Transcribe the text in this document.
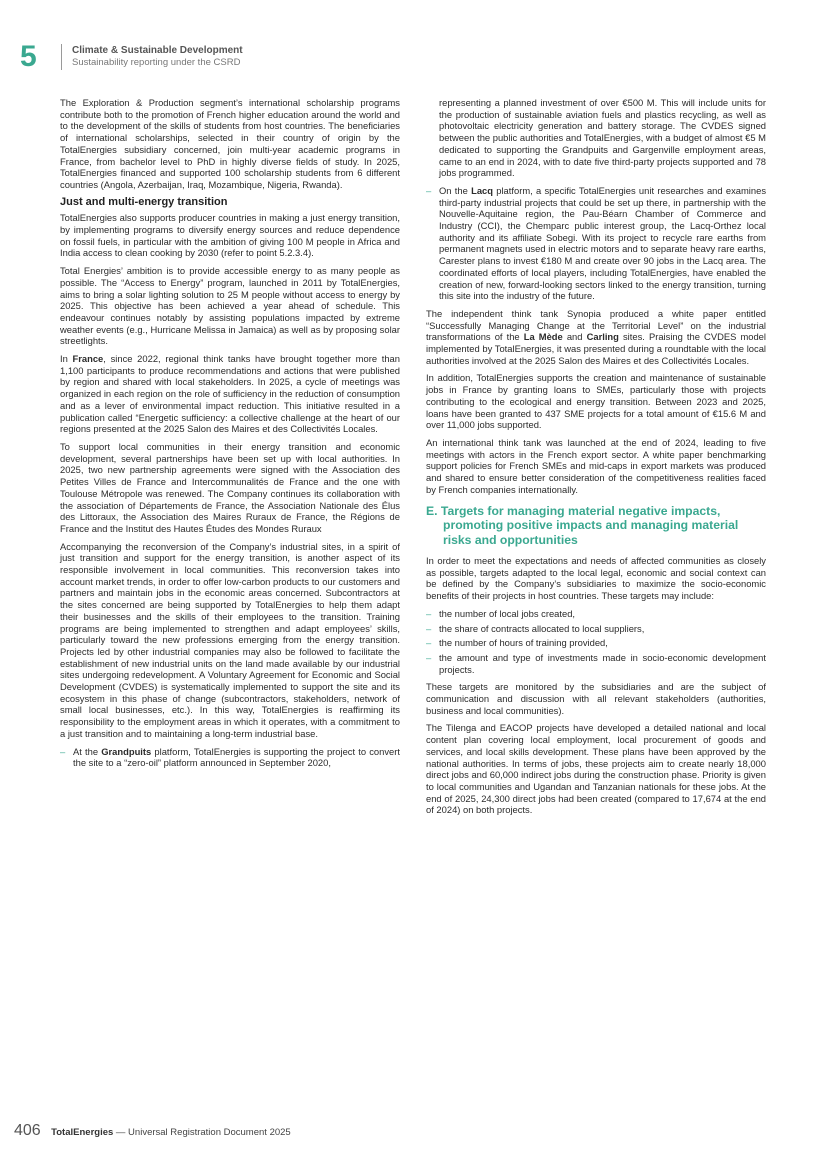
5	Climate & Sustainable Development
Sustainability reporting under the CSRD

The Exploration & Production segment’s international scholarship programs contribute both to the promotion of French higher education around the world and to the development of the skills of students from host countries. The beneficiaries of international scholarships, selected in their country of origin by the TotalEnergies subsidiary concerned, join multi-year academic programs in France, from bachelor level to PhD in highly diverse fields of study. In 2025, TotalEnergies financed and supported 100 scholarship students from 6 different countries (Angola, Azerbaijan, Iraq, Mozambique, Nigeria, Rwanda).

Just and multi-energy transition

TotalEnergies also supports producer countries in making a just energy transition, by implementing programs to diversify energy sources and reduce dependence on fossil fuels, in particular with the ambition of giving 100 M people in Africa and India access to clean cooking by 2030 (refer to point 5.2.3.4).

Total Energies’ ambition is to provide accessible energy to as many people as possible. The “Access to Energy” program, launched in 2011 by TotalEnergies, aims to bring a solar lighting solution to 25 M people without access to energy by 2025. This objective has been achieved a year ahead of schedule. This endeavour continues notably by assisting populations impacted by extreme weather events (e.g., Hurricane Melissa in Jamaica) as well as by proposing solar streetlights.

In France, since 2022, regional think tanks have brought together more than 1,100 participants to produce recommendations and actions that were published by region and shared with local stakeholders. In 2025, a cycle of meetings was organized in each region on the role of sufficiency in the reduction of consumption and as a lever of environmental impact reduction. This initiative resulted in a publication called “Energetic sufficiency: a collective challenge at the heart of our regions presented at the 2025 Salon des Maires et des Collectivités Locales.

To support local communities in their energy transition and economic development, several partnerships have been set up with local authorities. In 2025, two new partnership agreements were signed with the Association des Petites Villes de France and Intercommunalités de France and the one with Toulouse Métropole was renewed. The Company continues its collaboration with the association of Départements de France, the Association Nationale des Élus des Littoraux, the Association des Maires Ruraux de France, the Régions de France and the Institut des Hautes Études des Mondes Ruraux

Accompanying the reconversion of the Company’s industrial sites, in a spirit of just transition and support for the energy transition, is another aspect of its responsible involvement in local communities. This reconversion takes into account market trends, in order to offer low-carbon products to our customers and partners and maintain jobs in the economic areas concerned. Subcontractors at the sites concerned are being supported by TotalEnergies to help them adapt their businesses and the skills of their employees to the transition. Training programs are being implemented to strengthen and adapt employees’ skills, particularly toward the new professions emerging from the energy transition. Projects led by other industrial companies may also be followed to facilitate the establishment of new industrial units on the land made available by our industrial sites undergoing redevelopment. A Voluntary Agreement for Economic and Social Development (CVDES) is systematically implemented to support the site and its ecosystem in this phase of change (subcontractors, stakeholders, network of small local businesses, etc.). In this way, TotalEnergies is reaffirming its responsibility to the employment areas in which it operates, with a commitment to a just transition and to maintaining a long-term industrial base.

– At the Grandpuits platform, TotalEnergies is supporting the project to convert the site to a “zero-oil” platform announced in September 2020,

representing a planned investment of over €500 M. This will include units for the production of sustainable aviation fuels and plastics recycling, as well as photovoltaic electricity generation and battery storage. The CVDES signed between the public authorities and TotalEnergies, with a budget of almost €5 M dedicated to supporting the Grandpuits and Gargenville employment areas, came to an end in 2024, with to date five third-party projects supported and 78 jobs programmed.

– On the Lacq platform, a specific TotalEnergies unit researches and examines third-party industrial projects that could be set up there, in partnership with the Nouvelle-Aquitaine region, the Pau-Béarn Chamber of Commerce and Industry (CCI), the Chemparc public interest group, the Lacq-Orthez local authority and its affiliate Sobegi. With its project to recycle rare earths from permanent magnets used in electric motors and to separate heavy rare earths, Carester plans to invest €180 M and create over 90 jobs in the Lacq area. The coordinated efforts of local players, including TotalEnergies, have enabled the creation of new, forward-looking sectors linked to the energy transition, turning this site into the industry of the future.

The independent think tank Synopia produced a white paper entitled “Successfully Managing Change at the Territorial Level” on the industrial transformations of the La Mède and Carling sites. Praising the CVDES model implemented by TotalEnergies, it was presented during a roundtable with the local authorities involved at the 2025 Salon des Maires et des Collectivités Locales.

In addition, TotalEnergies supports the creation and maintenance of sustainable jobs in France by granting loans to SMEs, particularly those with projects contributing to the ecological and energy transition. Between 2023 and 2025, loans have been granted to 437 SME projects for a total amount of €15.6 M and over 11,000 jobs supported.

An international think tank was launched at the end of 2024, leading to five meetings with actors in the French export sector. A white paper benchmarking support policies for French SMEs and mid-caps in export markets was produced and shared to ensure better consideration of the competitiveness realities faced by French companies internationally.

E. Targets for managing material negative impacts, promoting positive impacts and managing material risks and opportunities

In order to meet the expectations and needs of affected communities as closely as possible, targets adapted to the local legal, economic and social context can be defined by the Company’s subsidiaries to maximize the socio-economic benefits of their projects in host countries. These targets may include:

– the number of local jobs created,
– the share of contracts allocated to local suppliers,
– the number of hours of training provided,
– the amount and type of investments made in socio-economic development projects.

These targets are monitored by the subsidiaries and are the subject of communication and discussion with all relevant stakeholders (authorities, business and local communities).

The Tilenga and EACOP projects have developed a detailed national and local content plan covering local employment, local procurement of goods and services, and local skills development. These plans have been approved by the national authorities. In terms of jobs, these projects aim to create nearly 18,000 direct jobs and 60,000 indirect jobs during the construction phase. Priority is given to local communities and Ugandan and Tanzanian nationals for these jobs. At the end of 2025, 24,300 direct jobs had been created (compared to 17,674 at the end of 2024) on both projects.

406 TotalEnergies — Universal Registration Document 2025
